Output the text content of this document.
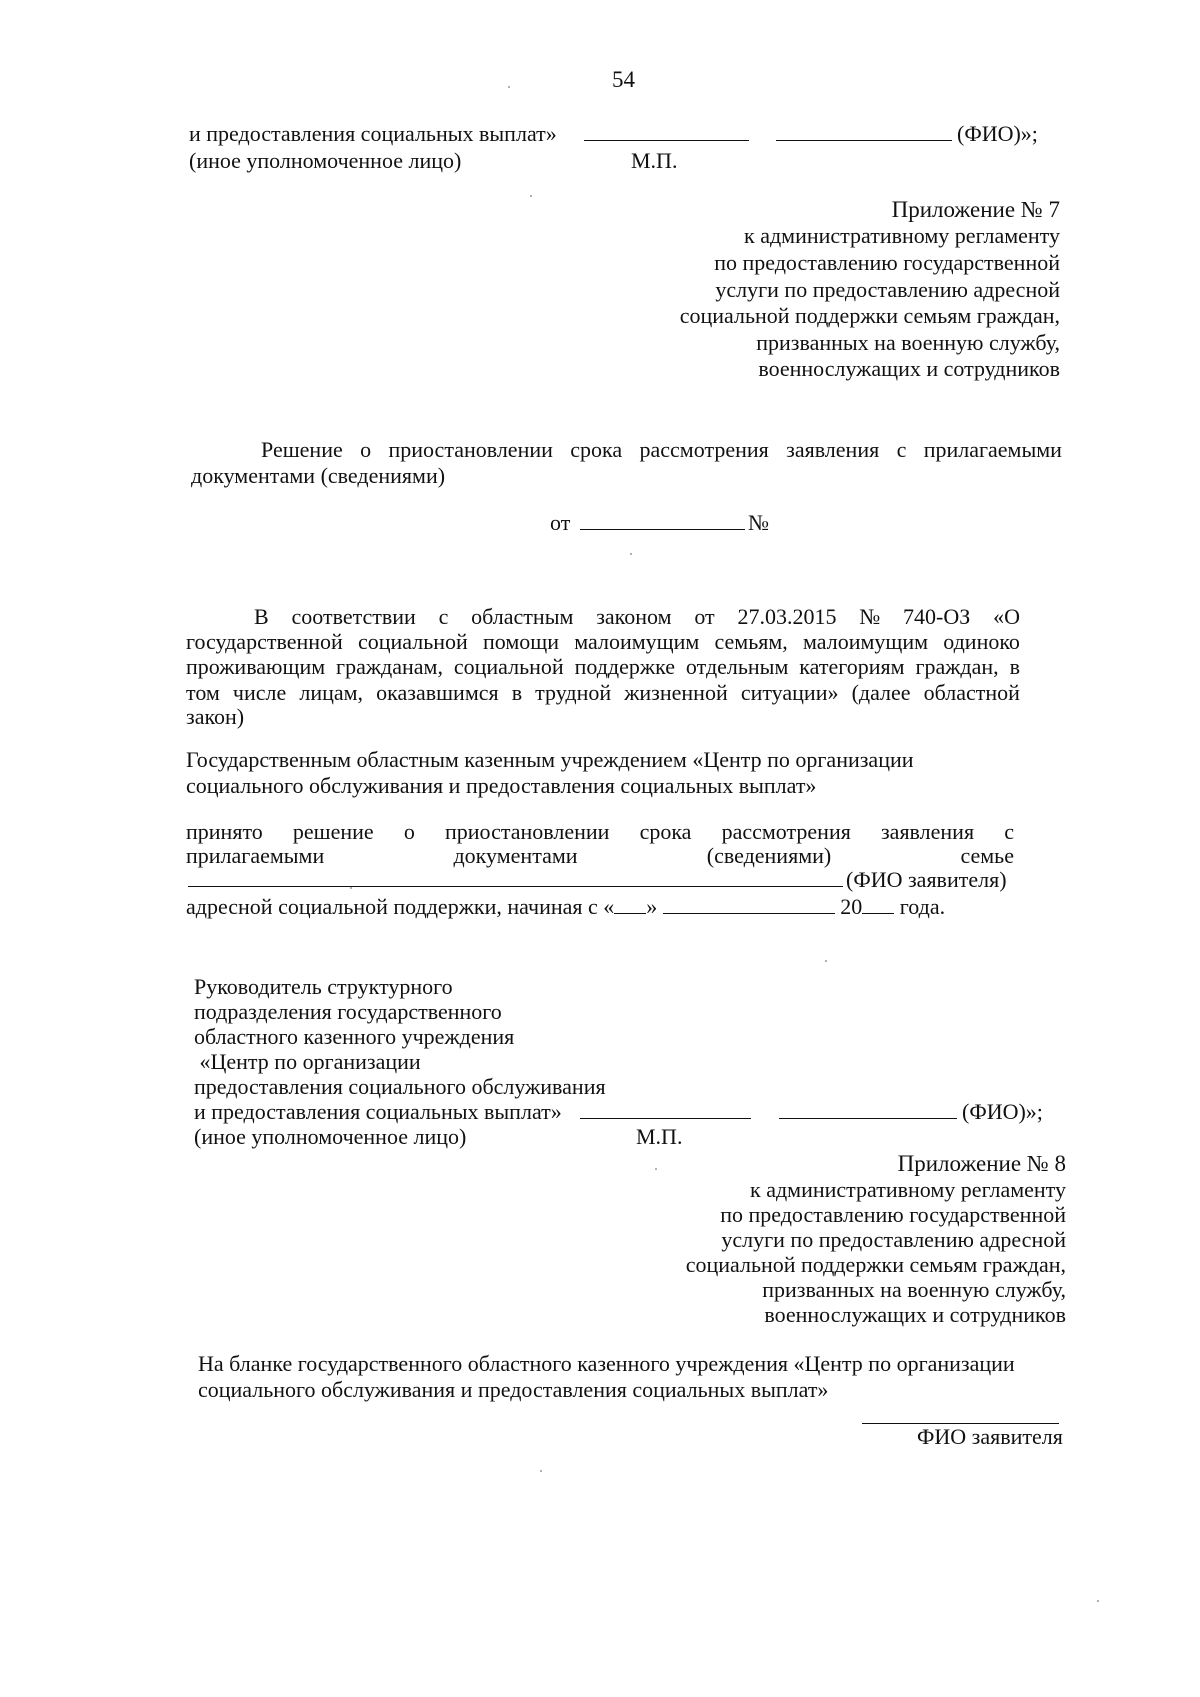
54
и предоставления социальных выплат»	(ФИО)»;
(иное уполномоченное лицо)	М.П.
Приложение № 7
к административному регламенту
по предоставлению государственной
услуги по предоставлению адресной
социальной поддержки семьям граждан,
призванных на военную службу,
военнослужащих и сотрудников
Решение о приостановлении срока рассмотрения заявления с прилагаемыми
документами (сведениями)
от	№
В соответствии с областным законом от 27.03.2015 № 740-ОЗ «О
государственной социальной помощи малоимущим семьям, малоимущим одиноко
проживающим гражданам, социальной поддержке отдельным категориям граждан, в
том числе лицам, оказавшимся в трудной жизненной ситуации» (далее областной
закон)
Государственным областным казенным учреждением «Центр по организации
социального обслуживания и предоставления социальных выплат»
принято решение о приостановлении срока рассмотрения заявления с
прилагаемыми	документами	(сведениями)	семье
(ФИО заявителя)
адресной социальной поддержки, начиная с « »	20 года.
Руководитель структурного
подразделения государственного
областного казенного учреждения
«Центр по организации
предоставления социального обслуживания
и предоставления социальных выплат»	(ФИО)»;
(иное уполномоченное лицо)	М.П.
Приложение № 8
к административному регламенту
по предоставлению государственной
услуги по предоставлению адресной
социальной поддержки семьям граждан,
призванных на военную службу,
военнослужащих и сотрудников
На бланке государственного областного казенного учреждения «Центр по организации
социального обслуживания и предоставления социальных выплат»
ФИО заявителя
